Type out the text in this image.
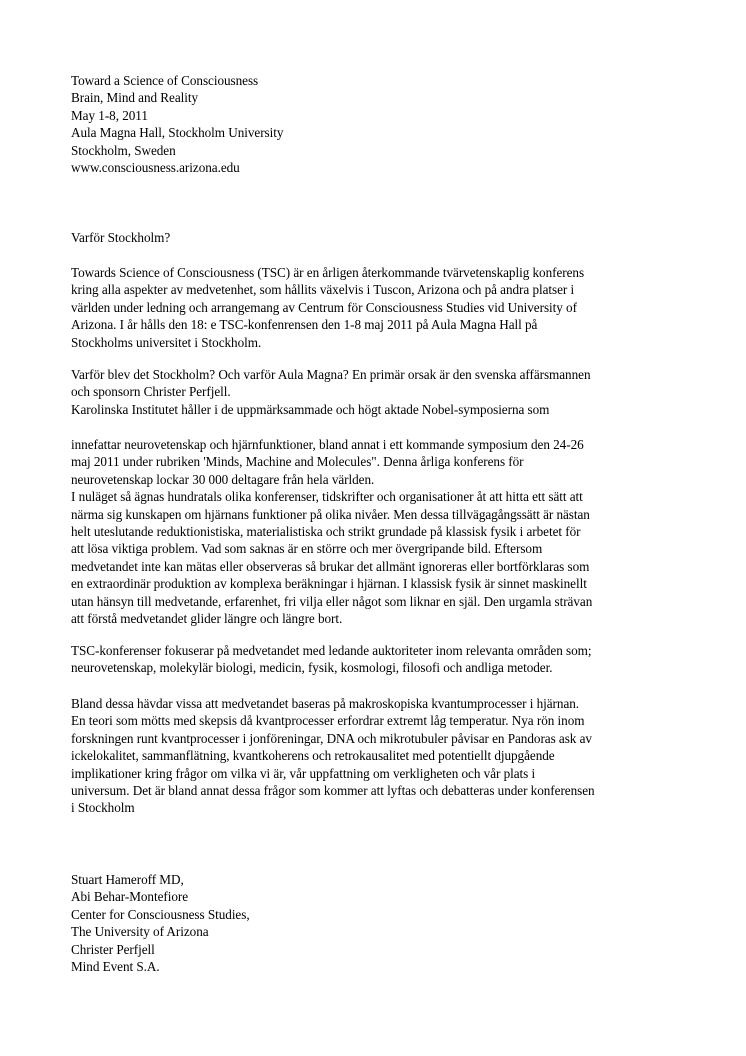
Toward a Science of Consciousness
Brain, Mind and Reality
May 1-8, 2011
Aula Magna Hall, Stockholm University
Stockholm, Sweden
www.consciousness.arizona.edu
Varför Stockholm?
Towards Science of Consciousness (TSC) är en årligen återkommande tvärvetenskaplig konferens
kring alla aspekter av medvetenhet, som hållits växelvis i Tuscon, Arizona och på andra platser i
världen under ledning och arrangemang av Centrum för Consciousness Studies vid University of
Arizona. I år hålls den 18: e TSC-konfenrensen den 1-8 maj 2011 på Aula Magna Hall på
Stockholms universitet i Stockholm.
Varför blev det Stockholm? Och varför Aula Magna? En primär orsak är den svenska affärsmannen
och sponsorn Christer Perfjell.
Karolinska Institutet håller i de uppmärksammade och högt aktade Nobel-symposierna som
innefattar neurovetenskap och hjärnfunktioner, bland annat i ett kommande symposium den 24-26
maj 2011 under rubriken 'Minds, Machine and Molecules". Denna årliga konferens för
neurovetenskap lockar 30 000 deltagare från hela världen.
I nuläget så ägnas hundratals olika konferenser, tidskrifter och organisationer åt att hitta ett sätt att
närma sig kunskapen om hjärnans funktioner på olika nivåer. Men dessa tillvägagångssätt är nästan
helt uteslutande reduktionistiska, materialistiska och strikt grundade på klassisk fysik i arbetet för
att lösa viktiga problem. Vad som saknas är en större och mer övergripande bild. Eftersom
medvetandet inte kan mätas eller observeras så brukar det allmänt ignoreras eller bortförklaras som
en extraordinär produktion av komplexa beräkningar i hjärnan. I klassisk fysik är sinnet maskinellt
utan hänsyn till medvetande, erfarenhet, fri vilja eller något som liknar en själ. Den urgamla strävan
att förstå medvetandet glider längre och längre bort.
TSC-konferenser fokuserar på medvetandet med ledande auktoriteter inom relevanta områden som;
neurovetenskap, molekylär biologi, medicin, fysik, kosmologi, filosofi och andliga metoder.
Bland dessa hävdar vissa att medvetandet baseras på makroskopiska kvantumprocesser i hjärnan.
En teori som mötts med skepsis då kvantprocesser erfordrar extremt låg temperatur. Nya rön inom
forskningen runt kvantprocesser i jonföreningar, DNA och mikrotubuler påvisar en Pandoras ask av
ickelokalitet, sammanflätning, kvantkoherens och retrokausalitet med potentiellt djupgående
implikationer kring frågor om vilka vi är, vår uppfattning om verkligheten och vår plats i
universum. Det är bland annat dessa frågor som kommer att lyftas och debatteras under konferensen
i Stockholm
Stuart Hameroff MD,
Abi Behar-Montefiore
Center for Consciousness Studies,
The University of Arizona
Christer Perfjell
Mind Event S.A.
